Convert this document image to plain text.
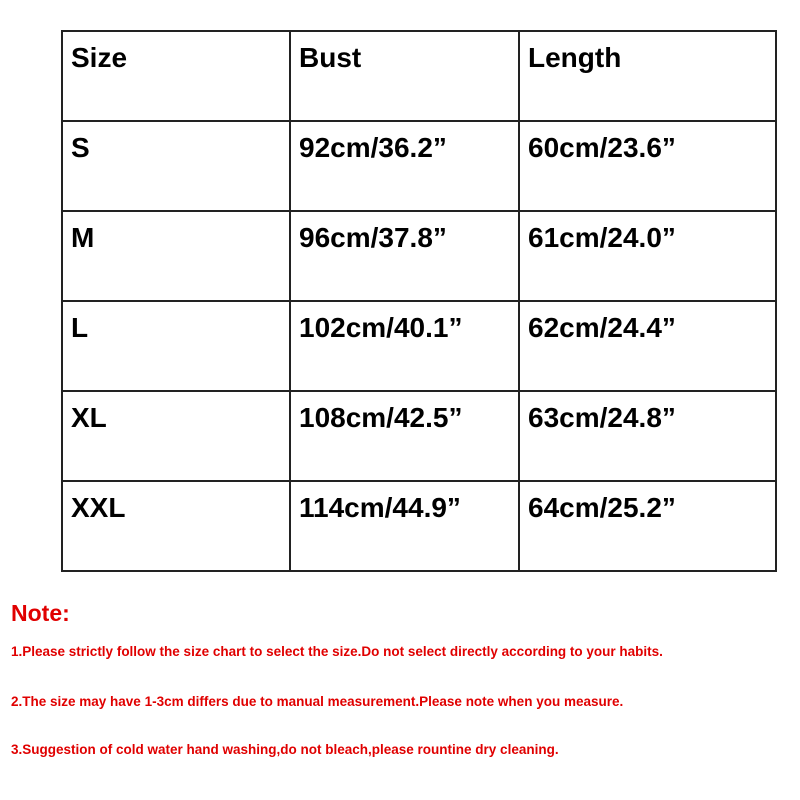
Size	Bust	Length
S	92cm/36.2”	60cm/23.6”
M	96cm/37.8”	61cm/24.0”
L	102cm/40.1”	62cm/24.4”
XL	108cm/42.5”	63cm/24.8”
XXL	114cm/44.9”	64cm/25.2”
Note:
1.Please strictly follow the size chart to select the size.Do not select directly according to your habits.
2.The size may have 1-3cm differs due to manual measurement.Please note when you measure.
3.Suggestion of cold water hand washing,do not bleach,please rountine dry cleaning.
